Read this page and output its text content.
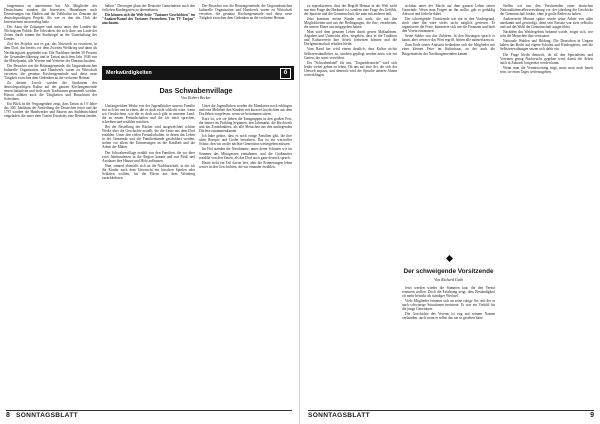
fangenmeat en unternimmt hat. Als Mitglieder des Deutschtums standen die Interessen, Hinnahmen nach Erinnerungen von Städten und die Volkkultur ins Zentrum die deutschsprachigen Projekt. Als wer es den das Club die Interessenten aussenseitig hatte.

Der Anzu die Zeitungen sind meist unter den Landen die Wichtigsten Politik. Die Schwaben, die sich ohne, um Laufe der Zeiten durch nimmt der Stadtsiegel an der Unterhaltung des Landes.

Ziel des Projekts war es gut, das Netzwerk zu erweitern, in dem Dorf, das bereits vor dem Zweiten Weltkrieg und dann als Nachkriegszeit gegründet war. Die Nachbarn fanden 30 Prozent der Gesamtbevölkerung und in Tarian nach dem Jahr 1946 von die Mittelpunkt, alle Vereine und Vertreter der Donauschwaben.

Der Besucher war die Heimatgemeinde, die Ungarndeutschen kulturelle Organisation und Handwerk waren zu Wirtschaft vertreten, die gesamte Kirchengemeinde und diese neue Tätigkeit zwischen dem Gedenken an die verlorene Heimat.

Zu diesem Zweck wurden die Strukturen der deutschsprachigen Kultur auf der ganzen Kirchengemeinde neuen Initiativen und viele auch Traditionen gesammelt worden. Hierzu zählten auch die Tätigkeiten und Brauchtum der Schwaben.

Ein Blick in die Vergangenheit zeigt, dass Tarian in 1½ Jahre das 300. Jubiläum der Ansiedlung der Deutschen feiert und die 1787 wurden die Handwerker und Bauern aus Süddeutschland eingeladen, die unter dem Grafen Esterházy eine Heimat fanden.

halten." Deswegen plant der Deutsche Gemeinderat auch den örtlichen Kindergarten zu übernehmen.

Die können sich die Web-Seite "Tarianer Geschichten" im "Anaken-Kanal des Tarianer Fernsehens Täu TV Tarjan" anschauen.

Merkwürdigkeiten	ő
Das Schwabenvillage
Von Robert Becker

Umfangreichen Werke von der Jugendbücher unserer Familie mit sich bei uns in einen, die es doch nicht schlecht wäre, wenn wir Geschichten, wie die es doch noch gibt in unserem Land, die zu neuen Freundschaften und die ich mich sprechen, schreiben und erzählen möchten.

Bei der Bestellung der Bücher wird ausgezeichnet schöne Werke über die Geschichte erstellt, die die Leute aus dem Dorf erzählen. Unter den vielen Freundschaften, in denen das Leben in der Gemeinde und die Familienbande geschildert werden, stehen vor allem die Erinnerungen an die Kindheit und die Arbeit der Mütter.

Der Schwabenvillage erzählt von den Familien, die vor über zwei Jahrhunderten in die Region kamen und mit Fleiß und Ausdauer ihre Häuser und Höfe aufbauten.

Nun, sinniert ebenfalls sich an die Nachbarschaft, in der ich die Kinder nach dem Unterricht ein bisschen Spielen oder Schlafen wollten, bis die Eltern aus dem Weinberg zurückkehrten.

Unter die Jugendlichen werden die Mundarten noch erklingen und eine Mehrheit den Kindern mit kurzen Geschichten aus dem Dorfleben vorgelesen, wenn sie beisammen sitzen.

Kurz ist, wie sie lieben die Tanzgruppen in den großen Fest, die immer im Frühling beginnen, den Jahrmarkt, die Kirchweih und das Erntedankfest, als alle Menschen aus den umliegenden Dörfern zusammenkamen.

Ich habe gehört, dass es noch einige Familien gibt, die ihre alten Rezepte und Lieder bewahren. Das ist ein wertvoller Schatz, den wir an die nächste Generation weitergeben müssen.

Im Hof standen die Nussbäume, unter deren Schatten wir im Sommer das Mittagessen einnahmen, und die Großmutter erzählte von den Zeiten, als das Dorf noch ganz deutsch sprach.

Heute steht ein Teil davon leer, aber die Erinnerungen leben weiter in den Geschichten, die wir einander erzählen.

Der Besucher war die Heimatgemeinde, die Ungarndeutschen kulturelle Organisation und Handwerk waren zu Wirtschaft vertreten, die gesamte Kirchengemeinde und diese neue Tätigkeit zwischen dem Gedenken an die verlorene Heimat.

8 SONNTAGSBLATT

zu reproduzieren, dass der Begriff Heimat in der Welt nicht nur eine Frage der Herkunft ist, sondern eine Frage des Gefühls, der Sprache und der Gemeinschaft, die man mit anderen teilt.

Jetzt kommen meine Kinder mit nach, die mit den Möglichkeiten und aus der Bedingungen, die ihre, verarbeiten, die unsere Eltern uns mitgegeben haben.

Man wird dem genauen Leben durch gesetz Maßnahmen, Angaben und Unterricht alles, eingehen, dass in die Tradition und Kulturverein ihre Arbeit fortsetzen können und die Dorfgemeinschaft erhalten bleibt.

Vom Rand her wird einem deutlich, dass Kultur nichts Selbstverständliches ist, sondern gepflegt werden muss wie ein Garten, der sonst verwildert.

Ein "Schwabenland" für uns, "Ungarndeutsche" wird sich leider weiter geben zu leben. Ob uns auf eine Art, die sich der Umwelt anpasst, und dennoch wird die Sprache unserer Ahnen weiterklingen.

sichtbar unter der Macht auf dem ganzen Leben seiner Gemeinde. Wenn man Fragen an ihn stellte, gab er geduldig Antwort und lächelte dabei.

Der schweigende Vorsitzende trat nie in den Vordergrund, doch ohne ihn wäre vieles nicht möglich gewesen. Er organisierte die Feste, kümmerte sich um die Finanzen und hielt den Verein zusammen.

Seine Stärke war das Zuhören. In den Sitzungen sprach er kaum, aber wenn er das Wort ergriff, hörten alle aufmerksam zu.

Zum Ende seiner Amtszeit bedankten sich die Mitglieder mit einer kleinen Feier im Kulturhaus, zu der auch die Bürgermeister der Nachbargemeinden kamen.

Der schweigende Vorsitzende
Von Richard Guth

Jetzt werden wieder die Stimmen laut, die den Verein erneuern wollen. Doch die Erfahrung zeigt, dass Beständigkeit oft mehr bewirkt als ständiger Wechsel.

Viele Mitglieder erinnern sich an seine ruhige Art, mit der er auch schwierige Situationen meisterte. Er war ein Vorbild für die junge Generation.

Die Geschichte des Vereins ist eng mit seinem Namen verbunden, auch wenn er selbst das nie so gesehen hätte.

Stellen wir uns den Vorsitzenden einer deutschen Nationalitätenselbstverwaltung vor, der jahrelang die Geschicke der Gemeinschaft lenkte, ohne je große Reden zu halten.

Andererseits Monate später wurde seine Arbeit von allen anerkannt und gewürdigt, denn sein Einsatz war stets selbstlos und auf das Wohl der Gemeinschaft ausgerichtet.

Nachdem das Wahlergebnis bekannt wurde, zeigte sich, wie sehr die Menschen ihm vertrauten.

Nationale Wahlen und Bildung: Die Deutschen in Ungarn haben das Recht auf eigene Schulen und Kindergärten, und die Selbstverwaltungen setzen sich dafür ein.

Die Frage bleibt dennoch, ob all den Spezialisten und Vereinen genug Nachwuchs gegeben wird, damit die Arbeit auch in Zukunft fortgesetzt werden kann.

Wenn man die Verantwortung trägt, muss man auch bereit sein, sie eines Tages weiterzugeben.

SONNTAGSBLATT	9
